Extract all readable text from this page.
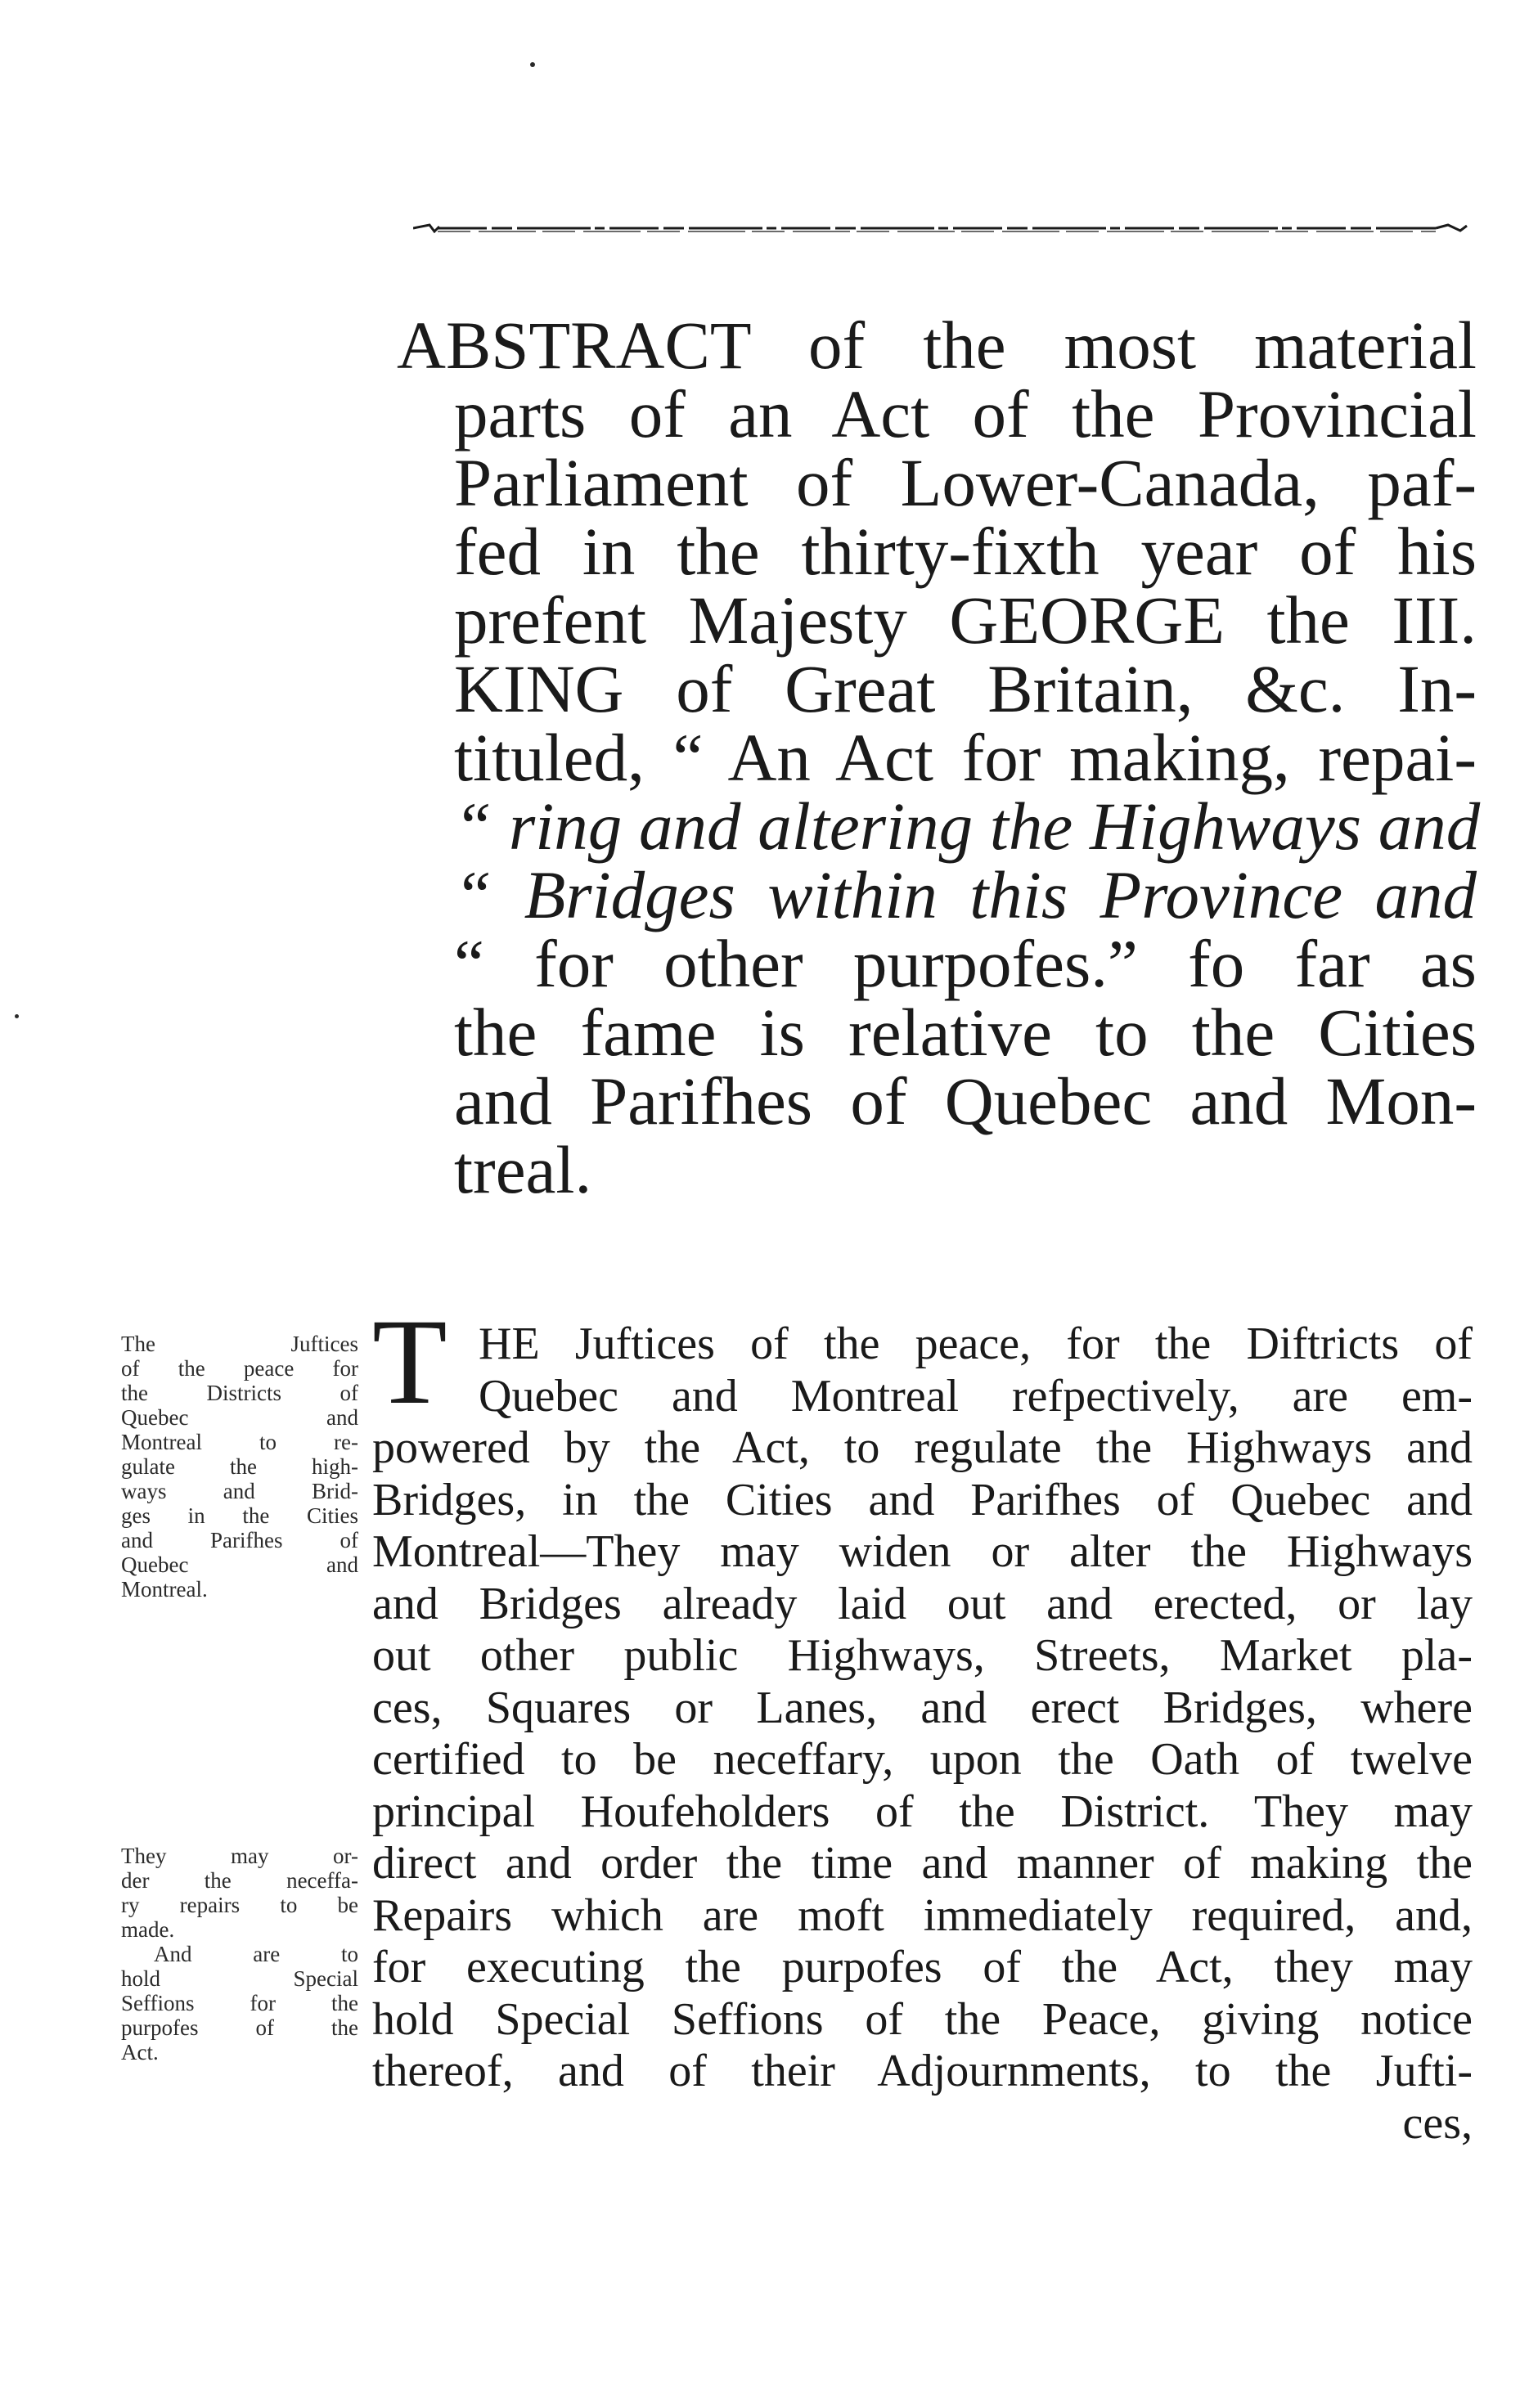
ABSTRACT of the most material
parts of an Act of the Provincial
Parliament of Lower-Canada, paf-
fed in the thirty-fixth year of his
prefent Majesty GEORGE the III.
KING of Great Britain, &c. In-
tituled, “ An Act for making, repai-
“ ring and altering the Highways and
“ Bridges within this Province and
“ for other purpofes.” fo far as
the fame is relative to the Cities
and Parifhes of Quebec and Mon-
treal.
T HE Juftices of the peace, for the Diftricts of
Quebec and Montreal refpectively, are em-
powered by the Act, to regulate the Highways and
Bridges, in the Cities and Parifhes of Quebec and
Montreal—They may widen or alter the Highways
and Bridges already laid out and erected, or lay
out other public Highways, Streets, Market pla-
ces, Squares or Lanes, and erect Bridges, where
certified to be neceffary, upon the Oath of twelve
principal Houfeholders of the District. They may
direct and order the time and manner of making the
Repairs which are moft immediately required, and,
for executing the purpofes of the Act, they may
hold Special Seffions of the Peace, giving notice
thereof, and of their Adjournments, to the Jufti-
ces,
The Juftices
of the peace for
the Districts of
Quebec and
Montreal to re-
gulate the high-
ways and Brid-
ges in the Cities
and Parifhes of
Quebec and
Montreal.
They may or-
der the neceffa-
ry repairs to be
made.
And are to
hold Special
Seffions for the
purpofes of the
Act.
